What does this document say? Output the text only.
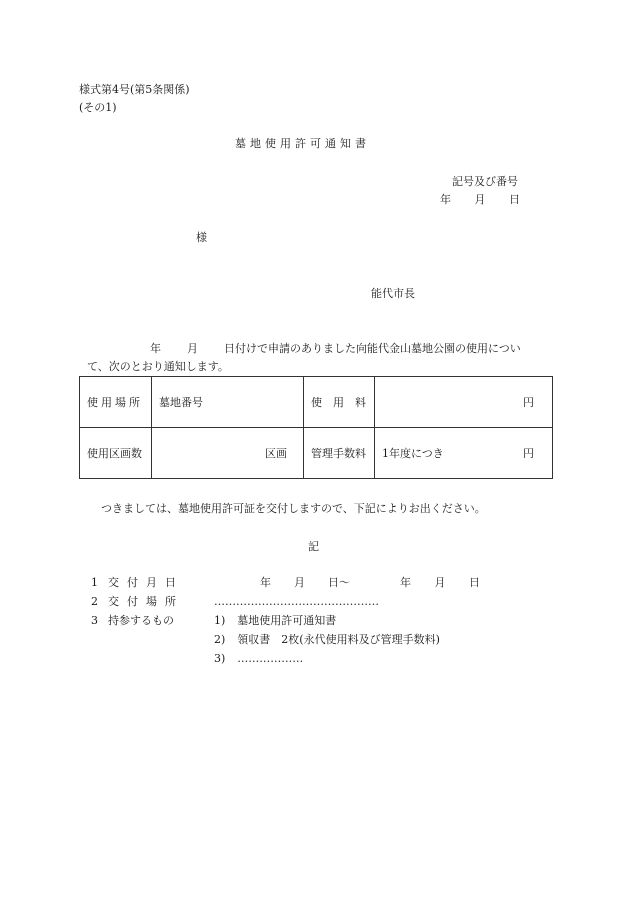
様式第4号(第5条関係)
(その1)
墓地使用許可通知書
記号及び番号
年 月 日
様
能代市長
年 月 日付けで申請のありました向能代金山墓地公園の使用につい
て、次のとおり通知します。
使用場所	墓地番号	使　用　料	円
使用区画数	区画	管理手数料	1年度につき 円
つきましては、墓地使用許可証を交付しますので、下記によりお出ください。
記
1 交付月日	年 月 日～	年 月 日
2 交付場所	………………………………………
3 持参するもの	1) 墓地使用許可通知書
2) 領収書　2枚(永代使用料及び管理手数料)
3) ………………
